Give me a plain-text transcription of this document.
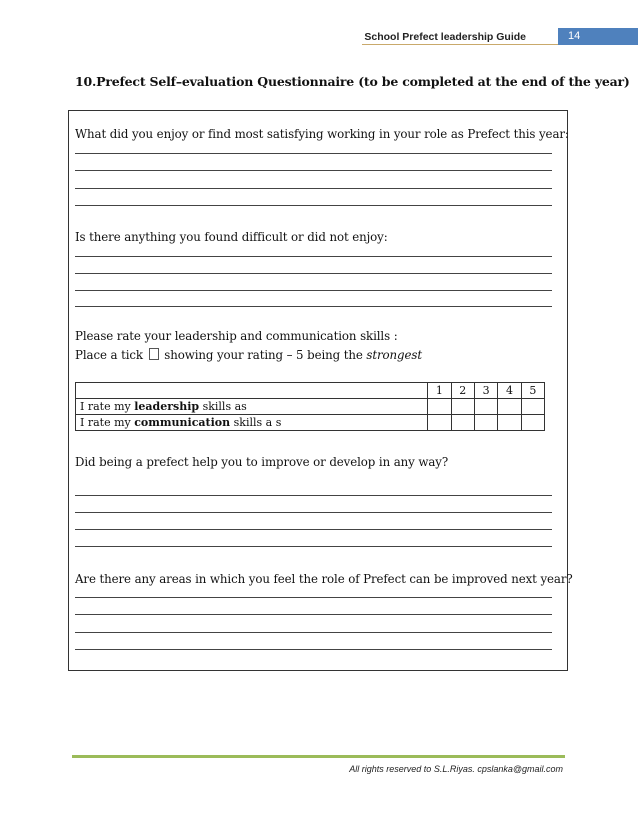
School Prefect leadership Guide	14
10.Prefect Self–evaluation Questionnaire (to be completed at the end of the year)
What did you enjoy or find most satisfying working in your role as Prefect this year:
Is there anything you found difficult or did not enjoy:
Please rate your leadership and communication skills :
Place a tick showing your rating – 5 being the strongest
	1	2	3	4	5
I rate my leadership skills as					
I rate my communication skills a s					
Did being a prefect help you to improve or develop in any way?
Are there any areas in which you feel the role of Prefect can be improved next year?
All rights reserved to S.L.Riyas. cpslanka@gmail.com
